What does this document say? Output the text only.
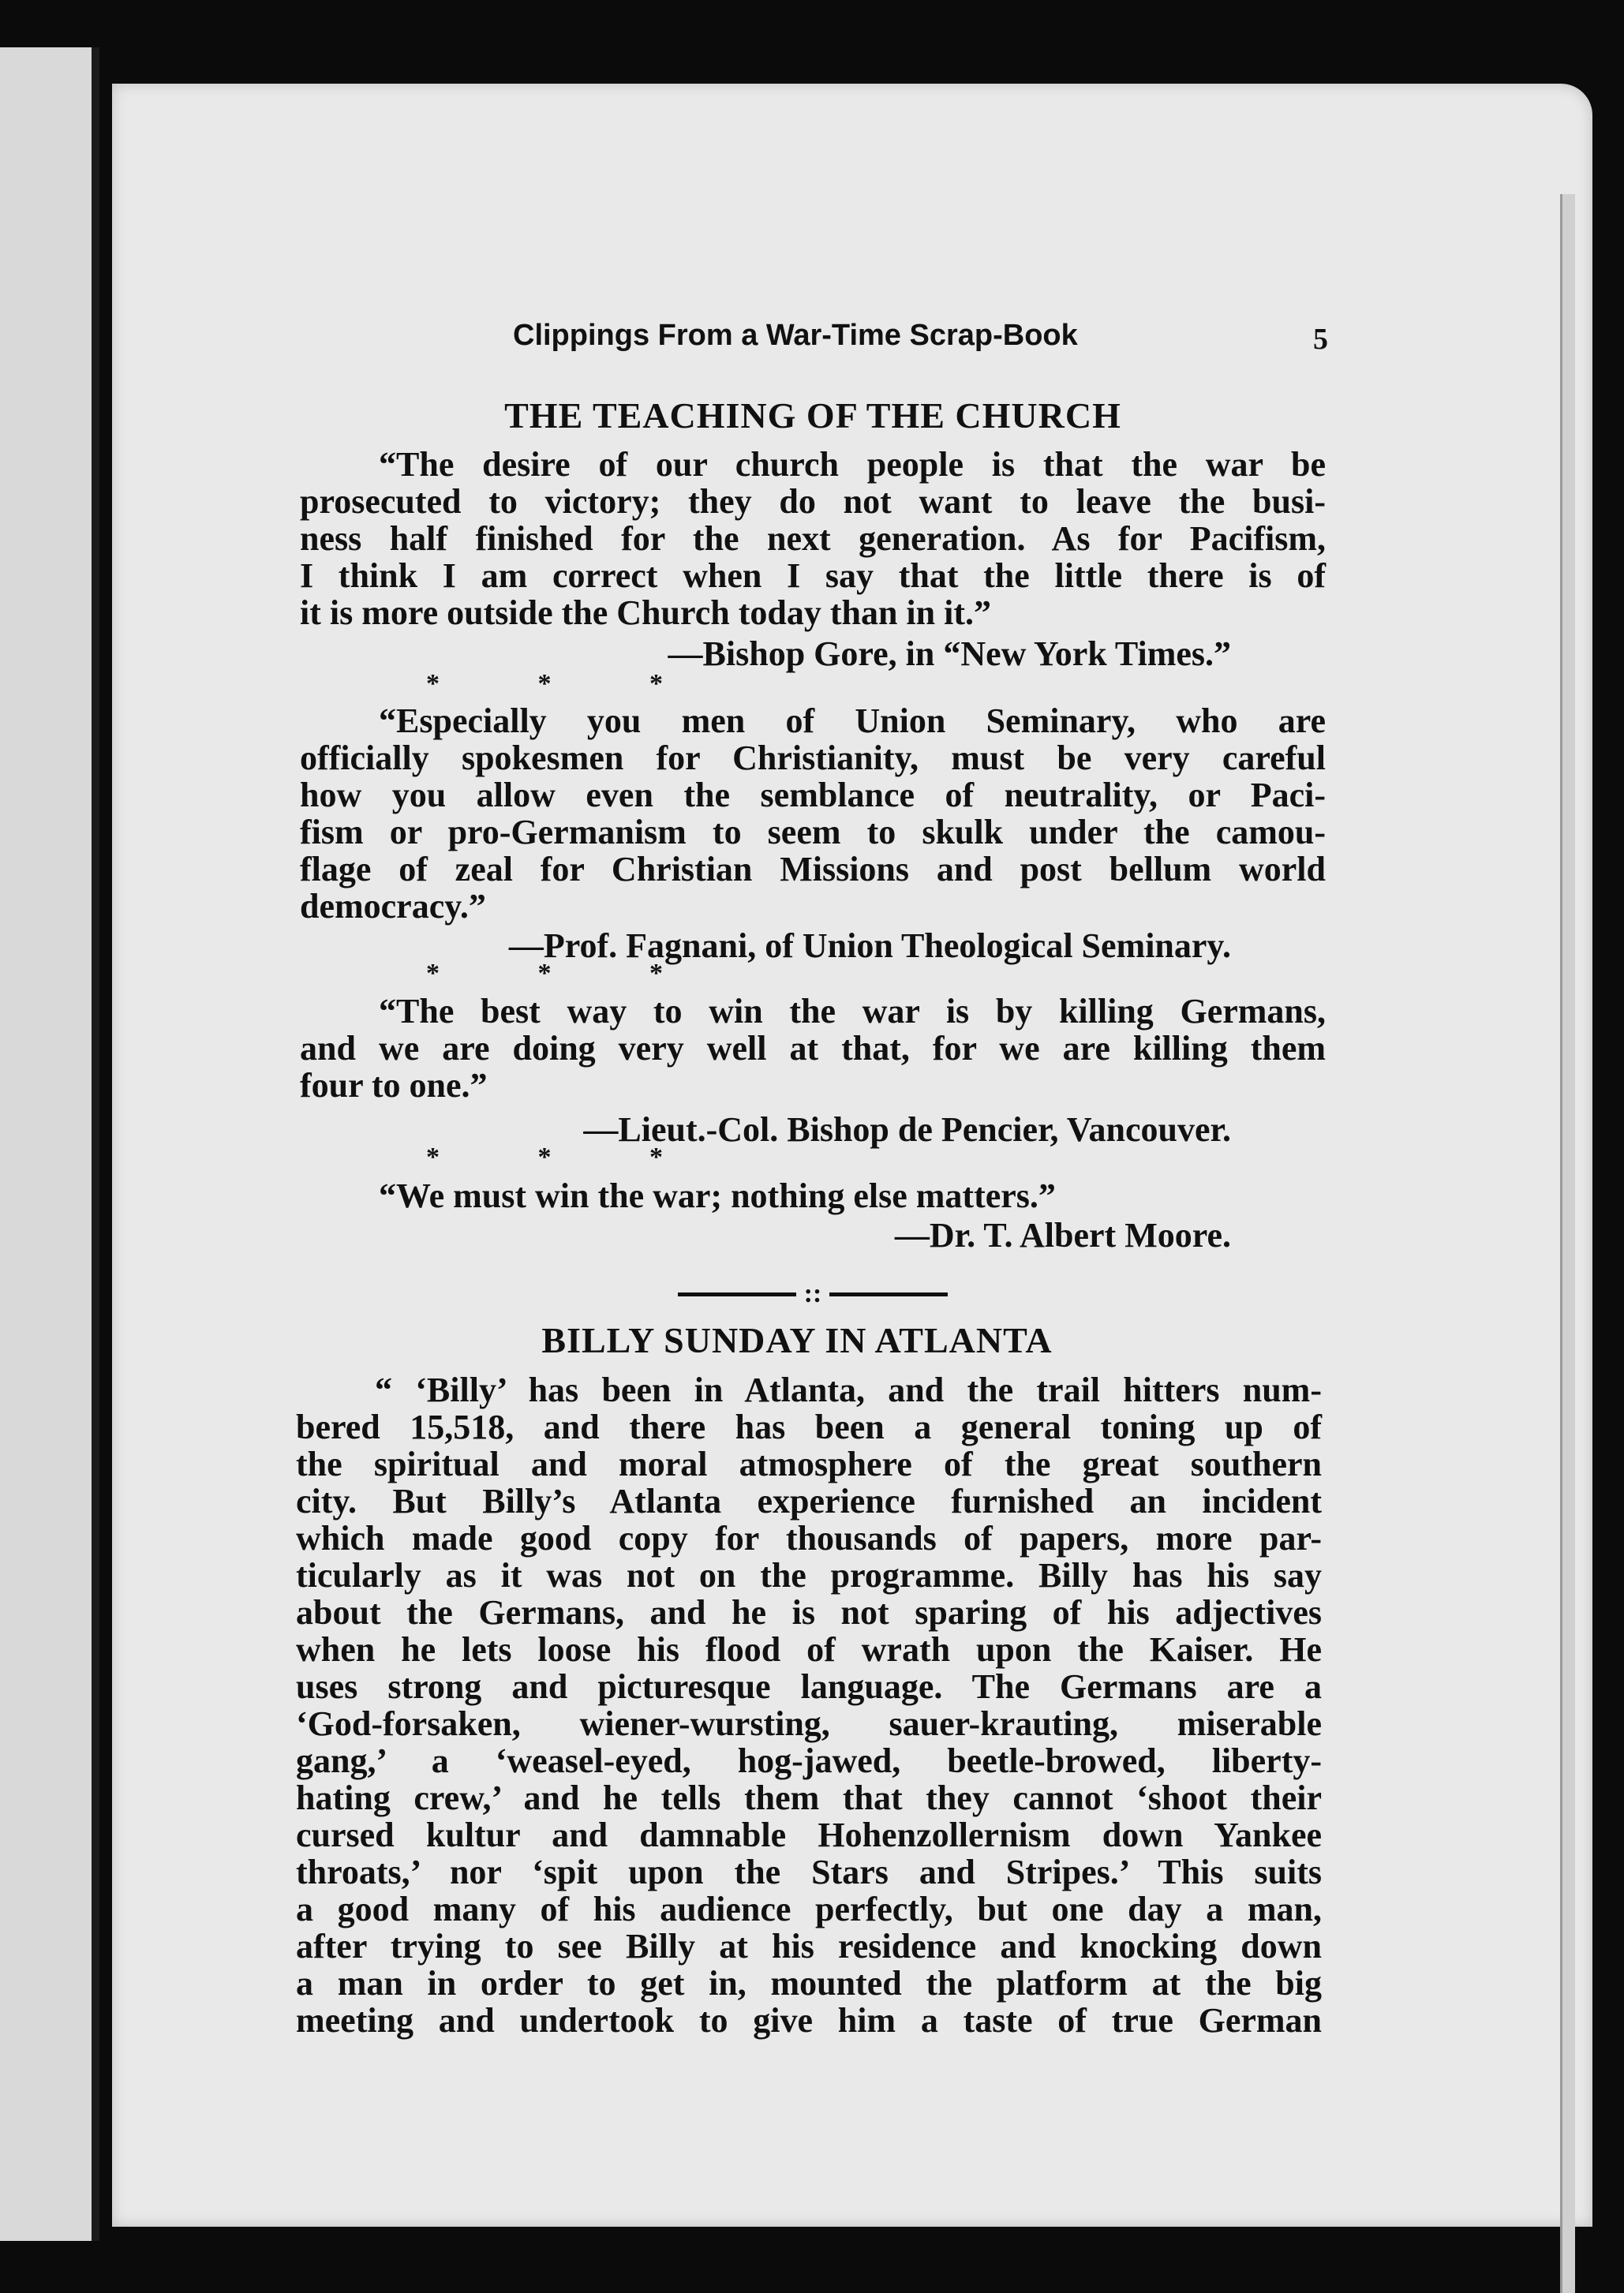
Clippings From a War-Time Scrap-Book	5
THE TEACHING OF THE CHURCH
“The desire of our church people is that the war be
prosecuted to victory; they do not want to leave the busi-
ness half finished for the next generation. As for Pacifism,
I think I am correct when I say that the little there is of
it is more outside the Church today than in it.”
—Bishop Gore, in “New York Times.”
*	*	*
“Especially you men of Union Seminary, who are
officially spokesmen for Christianity, must be very careful
how you allow even the semblance of neutrality, or Paci-
fism or pro-Germanism to seem to skulk under the camou-
flage of zeal for Christian Missions and post bellum world
democracy.”
—Prof. Fagnani, of Union Theological Seminary.
*	*	*
“The best way to win the war is by killing Germans,
and we are doing very well at that, for we are killing them
four to one.”
—Lieut.-Col. Bishop de Pencier, Vancouver.
*	*	*
“We must win the war; nothing else matters.”
—Dr. T. Albert Moore.
::
BILLY SUNDAY IN ATLANTA
“ ‘Billy’ has been in Atlanta, and the trail hitters num-
bered 15,518, and there has been a general toning up of
the spiritual and moral atmosphere of the great southern
city. But Billy’s Atlanta experience furnished an incident
which made good copy for thousands of papers, more par-
ticularly as it was not on the programme. Billy has his say
about the Germans, and he is not sparing of his adjectives
when he lets loose his flood of wrath upon the Kaiser. He
uses strong and picturesque language. The Germans are a
‘God-forsaken, wiener-wursting, sauer-krauting, miserable
gang,’ a ‘weasel-eyed, hog-jawed, beetle-browed, liberty-
hating crew,’ and he tells them that they cannot ‘shoot their
cursed kultur and damnable Hohenzollernism down Yankee
throats,’ nor ‘spit upon the Stars and Stripes.’ This suits
a good many of his audience perfectly, but one day a man,
after trying to see Billy at his residence and knocking down
a man in order to get in, mounted the platform at the big
meeting and undertook to give him a taste of true German
